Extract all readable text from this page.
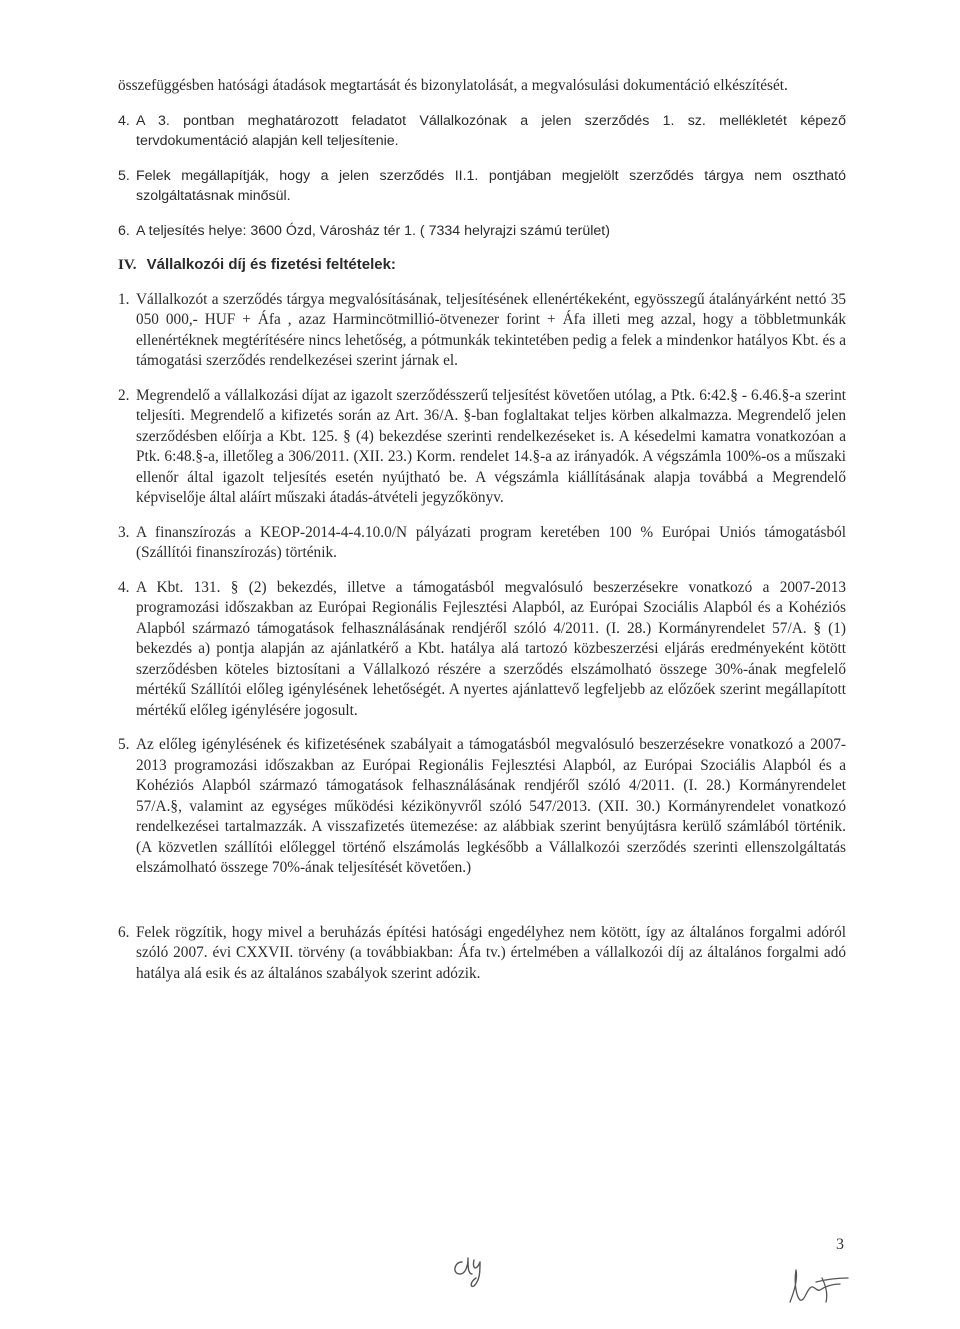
összefüggésben hatósági átadások megtartását és bizonylatolását, a megvalósulási dokumentáció elkészítését.

4. A 3. pontban meghatározott feladatot Vállalkozónak a jelen szerződés 1. sz. mellékletét képező tervdokumentáció alapján kell teljesítenie.
5. Felek megállapítják, hogy a jelen szerződés II.1. pontjában megjelölt szerződés tárgya nem osztható szolgáltatásnak minősül.
6. A teljesítés helye: 3600 Ózd, Városház tér 1. ( 7334 helyrajzi számú terület)
IV. Vállalkozói díj és fizetési feltételek:
1. Vállalkozót a szerződés tárgya megvalósításának, teljesítésének ellenértékeként, egyösszegű átalányárként nettó 35 050 000,- HUF + Áfa , azaz Harmincötmillió-ötvenezer forint + Áfa illeti meg azzal, hogy a többletmunkák ellenértéknek megtérítésére nincs lehetőség, a pótmunkák tekintetében pedig a felek a mindenkor hatályos Kbt. és a támogatási szerződés rendelkezései szerint járnak el.
2. Megrendelő a vállalkozási díjat az igazolt szerződésszerű teljesítést követően utólag, a Ptk. 6:42.§ - 6.46.§-a szerint teljesíti. Megrendelő a kifizetés során az Art. 36/A. §-ban foglaltakat teljes körben alkalmazza. Megrendelő jelen szerződésben előírja a Kbt. 125. § (4) bekezdése szerinti rendelkezéseket is. A késedelmi kamatra vonatkozóan a Ptk. 6:48.§-a, illetőleg a 306/2011. (XII. 23.) Korm. rendelet 14.§-a az irányadók. A végszámla 100%-os a műszaki ellenőr által igazolt teljesítés esetén nyújtható be. A végszámla kiállításának alapja továbbá a Megrendelő képviselője által aláírt műszaki átadás-átvételi jegyzőkönyv.
3. A finanszírozás a KEOP-2014-4-4.10.0/N pályázati program keretében 100 % Európai Uniós támogatásból (Szállítói finanszírozás) történik.
4. A Kbt. 131. § (2) bekezdés, illetve a támogatásból megvalósuló beszerzésekre vonatkozó a 2007-2013 programozási időszakban az Európai Regionális Fejlesztési Alapból, az Európai Szociális Alapból és a Kohéziós Alapból származó támogatások felhasználásának rendjéről szóló 4/2011. (I. 28.) Kormányrendelet 57/A. § (1) bekezdés a) pontja alapján az ajánlatkérő a Kbt. hatálya alá tartozó közbeszerzési eljárás eredményeként kötött szerződésben köteles biztosítani a Vállalkozó részére a szerződés elszámolható összege 30%-ának megfelelő mértékű Szállítói előleg igénylésének lehetőségét. A nyertes ajánlattevő legfeljebb az előzőek szerint megállapított mértékű előleg igénylésére jogosult.
5. Az előleg igénylésének és kifizetésének szabályait a támogatásból megvalósuló beszerzésekre vonatkozó a 2007-2013 programozási időszakban az Európai Regionális Fejlesztési Alapból, az Európai Szociális Alapból és a Kohéziós Alapból származó támogatások felhasználásának rendjéről szóló 4/2011. (I. 28.) Kormányrendelet 57/A.§, valamint az egységes működési kézikönyvről szóló 547/2013. (XII. 30.) Kormányrendelet vonatkozó rendelkezései tartalmazzák. A visszafizetés ütemezése: az alábbiak szerint benyújtásra kerülő számlából történik. (A közvetlen szállítói előleggel történő elszámolás legkésőbb a Vállalkozói szerződés szerinti ellenszolgáltatás elszámolható összege 70%-ának teljesítését követően.)
6. Felek rögzítik, hogy mivel a beruházás építési hatósági engedélyhez nem kötött, így az általános forgalmi adóról szóló 2007. évi CXXVII. törvény (a továbbiakban: Áfa tv.) értelmében a vállalkozói díj az általános forgalmi adó hatálya alá esik és az általános szabályok szerint adózik.
3
